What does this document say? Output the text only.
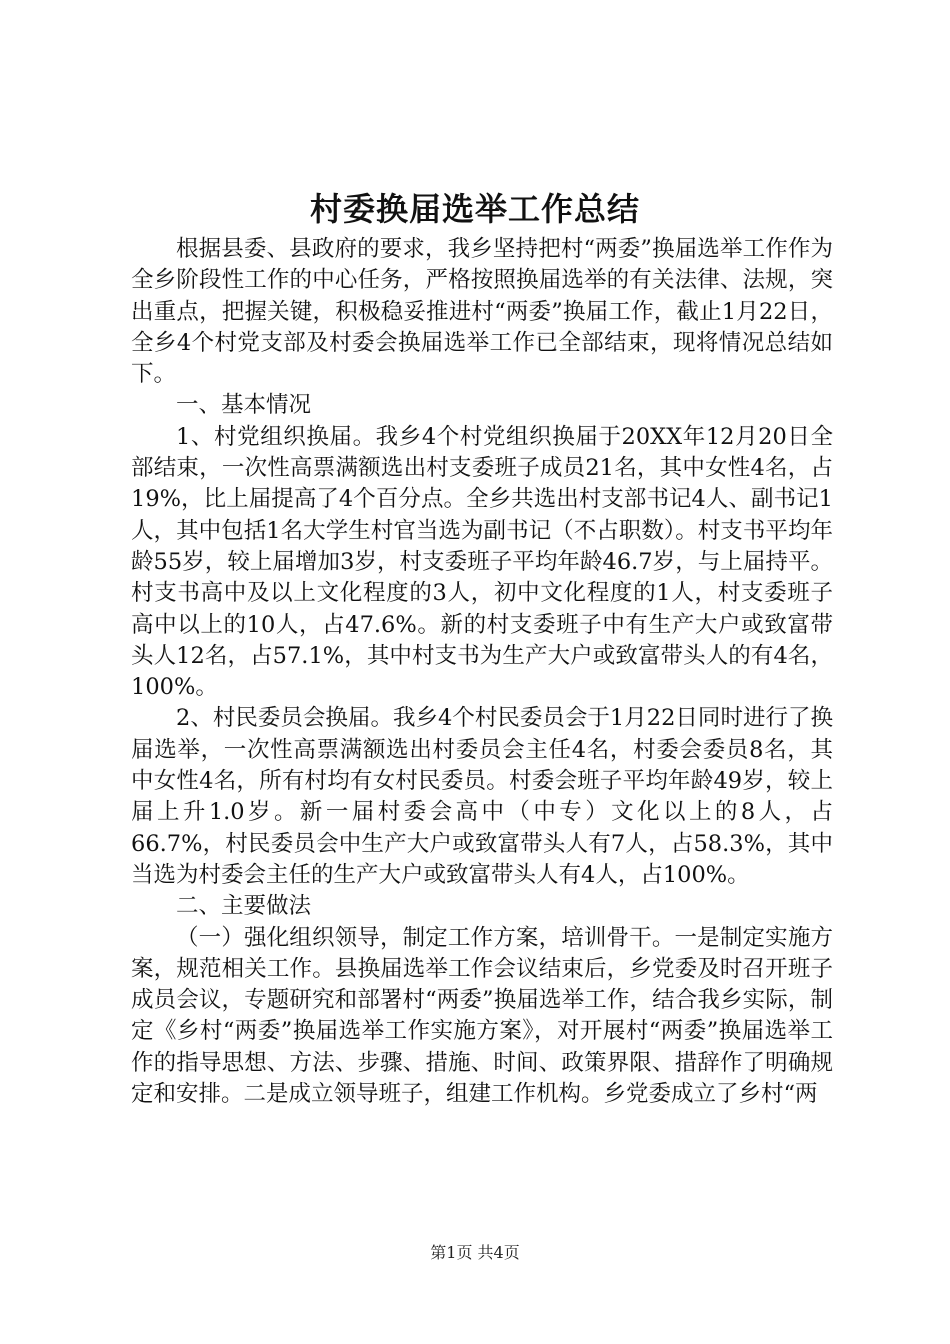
村委换届选举工作总结

根据县委、县政府的要求，我乡坚持把村“两委”换届选举工作作为全乡阶段性工作的中心任务，严格按照换届选举的有关法律、法规，突出重点，把握关键，积极稳妥推进村“两委”换届工作，截止1月22日，全乡4个村党支部及村委会换届选举工作已全部结束，现将情况总结如下。

一、基本情况

1、村党组织换届。我乡4个村党组织换届于20XX年12月20日全部结束，一次性高票满额选出村支委班子成员21名，其中女性4名，占19%，比上届提高了4个百分点。全乡共选出村支部书记4人、副书记1人，其中包括1名大学生村官当选为副书记（不占职数）。村支书平均年龄55岁，较上届增加3岁，村支委班子平均年龄46.7岁，与上届持平。村支书高中及以上文化程度的3人，初中文化程度的1人，村支委班子高中以上的10人，占47.6%。新的村支委班子中有生产大户或致富带头人12名，占57.1%，其中村支书为生产大户或致富带头人的有4名，100%。

2、村民委员会换届。我乡4个村民委员会于1月22日同时进行了换届选举，一次性高票满额选出村委员会主任4名，村委会委员8名，其中女性4名，所有村均有女村民委员。村委会班子平均年龄49岁，较上届上升1.0岁。新一届村委会高中（中专）文化以上的8人，占66.7%，村民委员会中生产大户或致富带头人有7人，占58.3%，其中当选为村委会主任的生产大户或致富带头人有4人，占100%。

二、主要做法

（一）强化组织领导，制定工作方案，培训骨干。一是制定实施方案，规范相关工作。县换届选举工作会议结束后，乡党委及时召开班子成员会议，专题研究和部署村“两委”换届选举工作，结合我乡实际，制定《乡村“两委”换届选举工作实施方案》，对开展村“两委”换届选举工作的指导思想、方法、步骤、措施、时间、政策界限、措辞作了明确规定和安排。二是成立领导班子，组建工作机构。乡党委成立了乡村“两

第1页 共4页
